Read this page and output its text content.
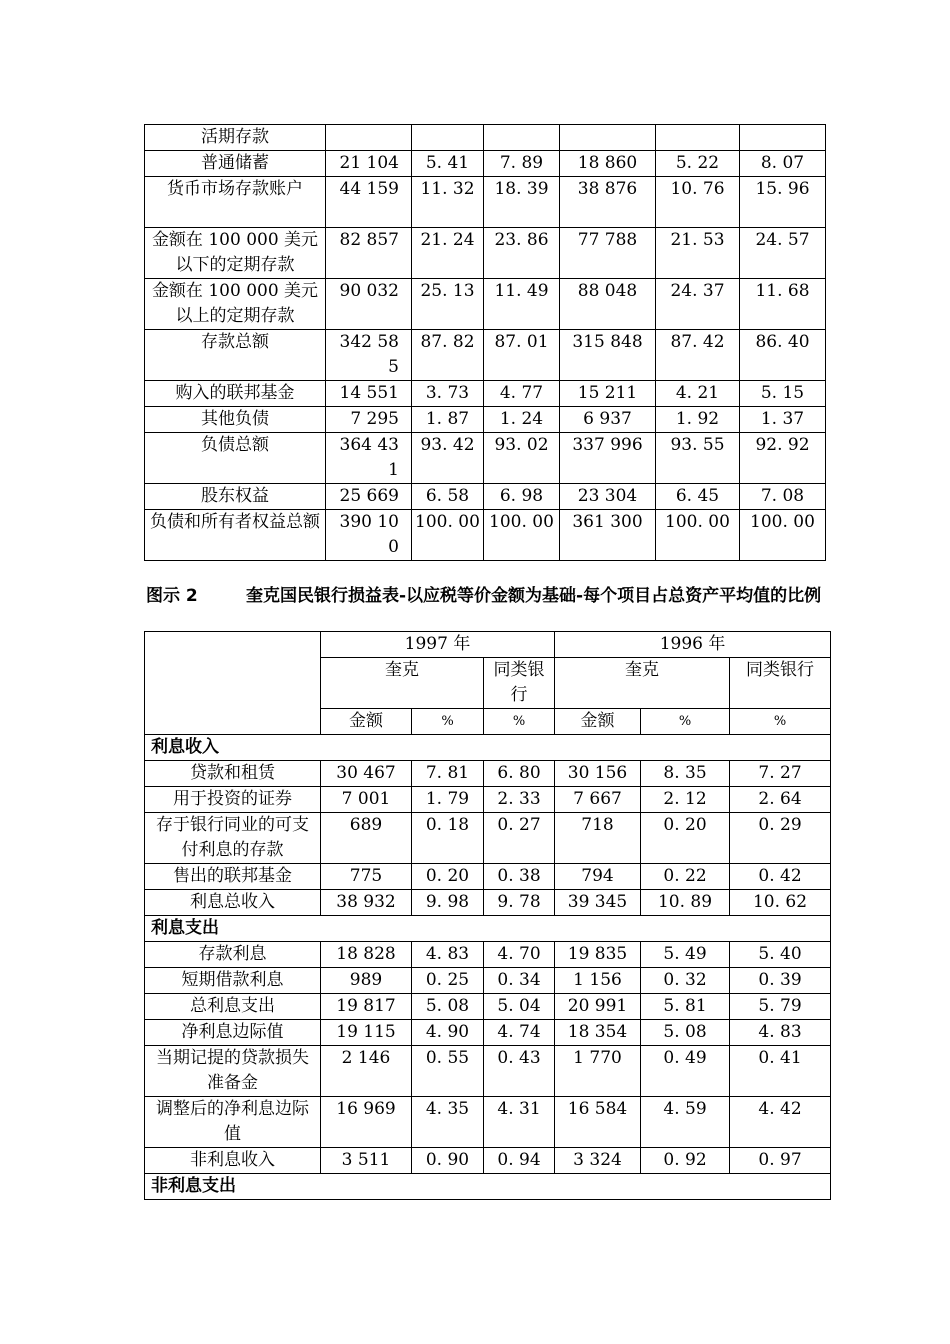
活期存款						
普通储蓄	21 104	5. 41	7. 89	18 860	5. 22	8. 07
货币市场存款账户	44 159	11. 32	18. 39	38 876	10. 76	15. 96
金额在 100 000 美元以下的定期存款	82 857	21. 24	23. 86	77 788	21. 53	24. 57
金额在 100 000 美元以上的定期存款	90 032	25. 13	11. 49	88 048	24. 37	11. 68
存款总额	342 585	87. 82	87. 01	315 848	87. 42	86. 40
购入的联邦基金	14 551	3. 73	4. 77	15 211	4. 21	5. 15
其他负债	7 295	1. 87	1. 24	6 937	1. 92	1. 37
负债总额	364 431	93. 42	93. 02	337 996	93. 55	92. 92
股东权益	25 669	6. 58	6. 98	23 304	6. 45	7. 08
负债和所有者权益总额	390 100	100. 00	100. 00	361 300	100. 00	100. 00

图示 2	奎克国民银行损益表-以应税等价金额为基础-每个项目占总资产平均值的比例

	1997 年			1996 年		
	奎克		同类银行	奎克		同类银行
	金额	%	%	金额	%	%
利息收入						
贷款和租赁	30 467	7. 81	6. 80	30 156	8. 35	7. 27
用于投资的证券	7 001	1. 79	2. 33	7 667	2. 12	2. 64
存于银行同业的可支付利息的存款	689	0. 18	0. 27	718	0. 20	0. 29
售出的联邦基金	775	0. 20	0. 38	794	0. 22	0. 42
利息总收入	38 932	9. 98	9. 78	39 345	10. 89	10. 62
利息支出						
存款利息	18 828	4. 83	4. 70	19 835	5. 49	5. 40
短期借款利息	989	0. 25	0. 34	1 156	0. 32	0. 39
总利息支出	19 817	5. 08	5. 04	20 991	5. 81	5. 79
净利息边际值	19 115	4. 90	4. 74	18 354	5. 08	4. 83
当期记提的贷款损失准备金	2 146	0. 55	0. 43	1 770	0. 49	0. 41
调整后的净利息边际值	16 969	4. 35	4. 31	16 584	4. 59	4. 42
非利息收入	3 511	0. 90	0. 94	3 324	0. 92	0. 97
非利息支出						
